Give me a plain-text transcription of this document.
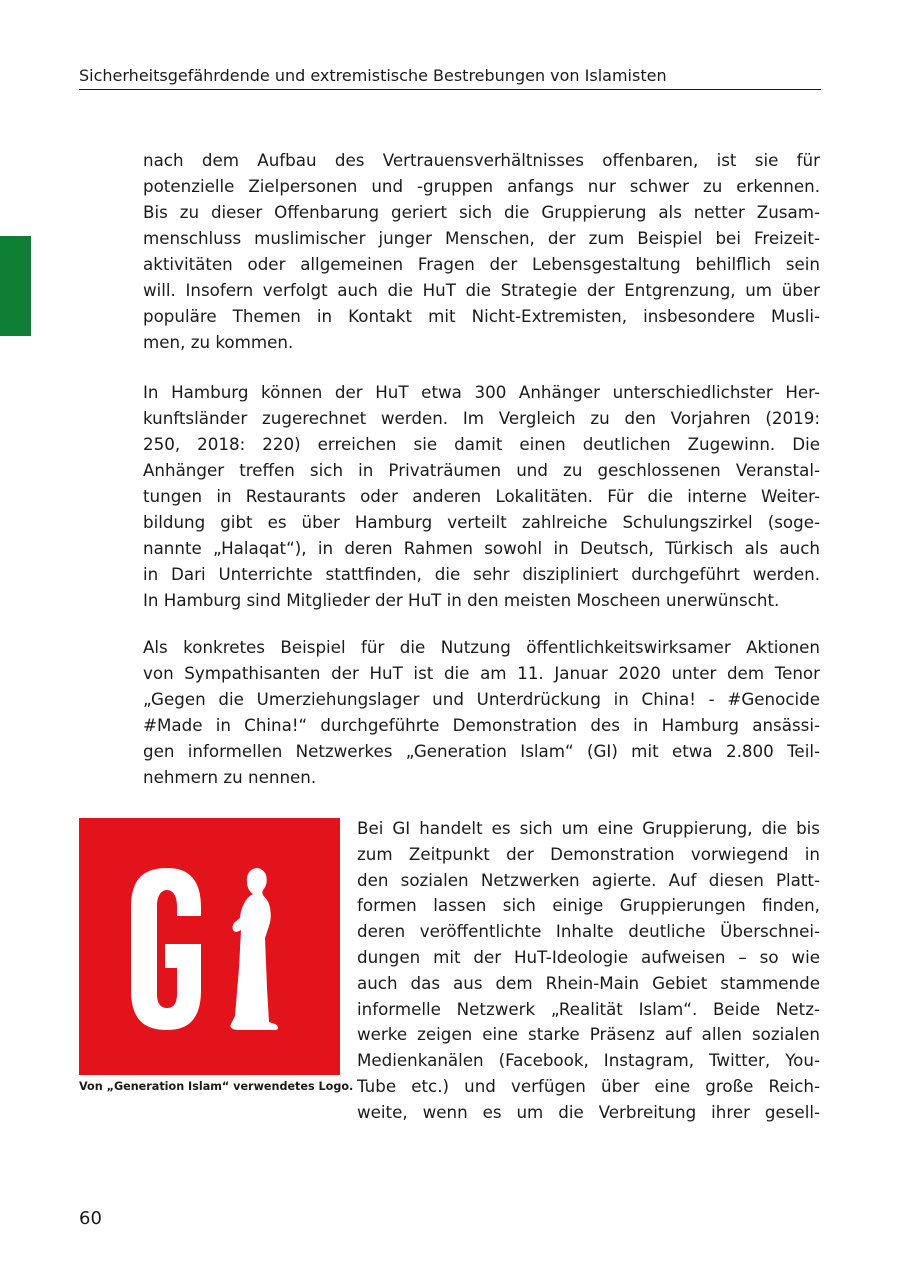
Sicherheitsgefährdende und extremistische Bestrebungen von Islamisten
nach dem Aufbau des Vertrauensverhältnisses offenbaren, ist sie für
potenzielle Zielpersonen und -gruppen anfangs nur schwer zu erkennen.
Bis zu dieser Offenbarung geriert sich die Gruppierung als netter Zusam-
menschluss muslimischer junger Menschen, der zum Beispiel bei Freizeit-
aktivitäten oder allgemeinen Fragen der Lebensgestaltung behilflich sein
will. Insofern verfolgt auch die HuT die Strategie der Entgrenzung, um über
populäre Themen in Kontakt mit Nicht-Extremisten, insbesondere Musli-
men, zu kommen.
In Hamburg können der HuT etwa 300 Anhänger unterschiedlichster Her-
kunftsländer zugerechnet werden. Im Vergleich zu den Vorjahren (2019:
250, 2018: 220) erreichen sie damit einen deutlichen Zugewinn. Die
Anhänger treffen sich in Privaträumen und zu geschlossenen Veranstal-
tungen in Restaurants oder anderen Lokalitäten. Für die interne Weiter-
bildung gibt es über Hamburg verteilt zahlreiche Schulungszirkel (soge-
nannte „Halaqat“), in deren Rahmen sowohl in Deutsch, Türkisch als auch
in Dari Unterrichte stattfinden, die sehr diszipliniert durchgeführt werden.
In Hamburg sind Mitglieder der HuT in den meisten Moscheen unerwünscht.
Als konkretes Beispiel für die Nutzung öffentlichkeitswirksamer Aktionen
von Sympathisanten der HuT ist die am 11. Januar 2020 unter dem Tenor
„Gegen die Umerziehungslager und Unterdrückung in China! - #Genocide
#Made in China!“ durchgeführte Demonstration des in Hamburg ansässi-
gen informellen Netzwerkes „Generation Islam“ (GI) mit etwa 2.800 Teil-
nehmern zu nennen.
Von „Generation Islam“ verwendetes Logo.
Bei GI handelt es sich um eine Gruppierung, die bis
zum Zeitpunkt der Demonstration vorwiegend in
den sozialen Netzwerken agierte. Auf diesen Platt-
formen lassen sich einige Gruppierungen finden,
deren veröffentlichte Inhalte deutliche Überschnei-
dungen mit der HuT-Ideologie aufweisen – so wie
auch das aus dem Rhein-Main Gebiet stammende
informelle Netzwerk „Realität Islam“. Beide Netz-
werke zeigen eine starke Präsenz auf allen sozialen
Medienkanälen (Facebook, Instagram, Twitter, You-
Tube etc.) und verfügen über eine große Reich-
weite, wenn es um die Verbreitung ihrer gesell-
60
